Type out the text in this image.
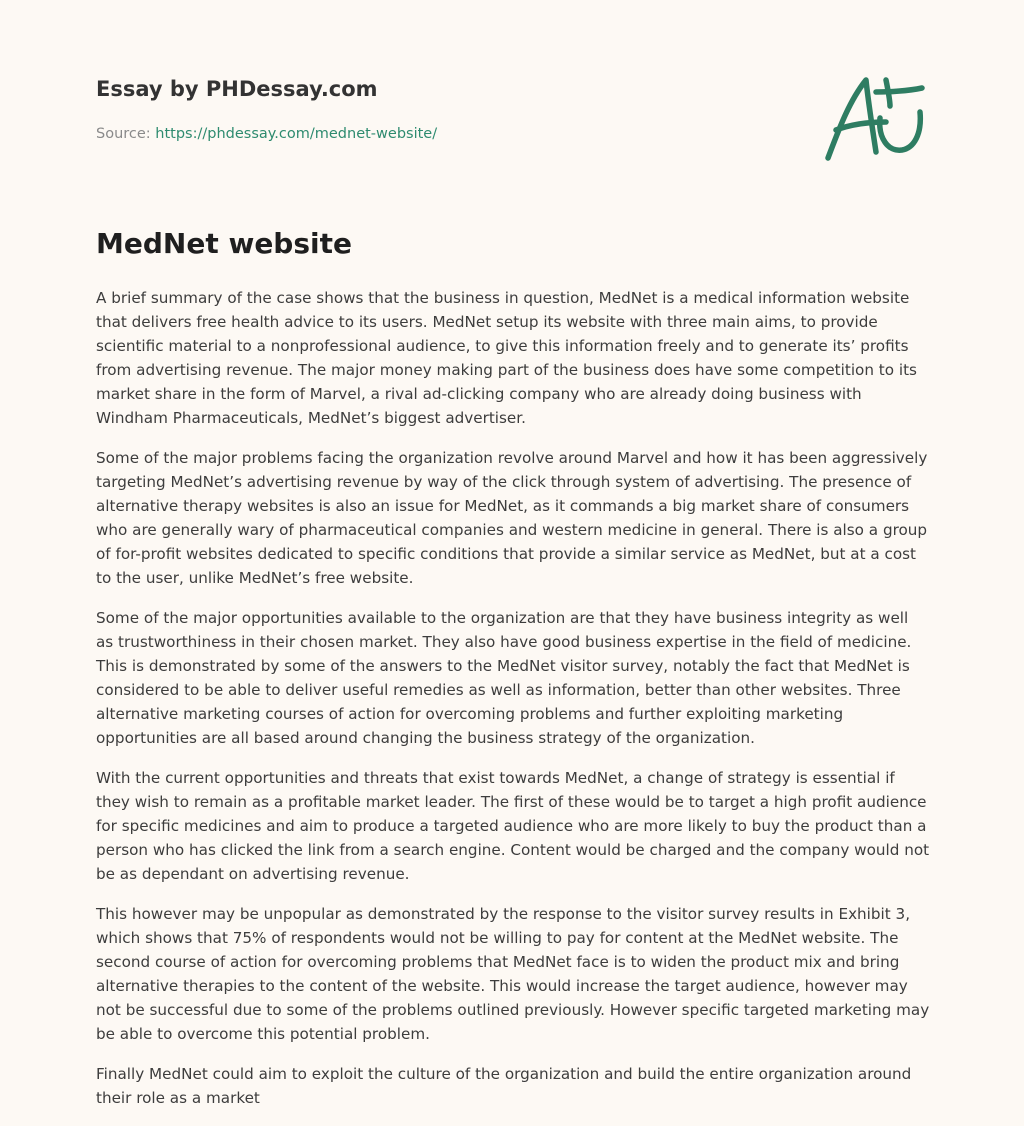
Essay by PHDessay.com
Source: https://phdessay.com/mednet-website/
MedNet website

A brief summary of the case shows that the business in question, MedNet is a medical information website that delivers free health advice to its users. MedNet setup its website with three main aims, to provide scientific material to a nonprofessional audience, to give this information freely and to generate its’ profits from advertising revenue. The major money making part of the business does have some competition to its market share in the form of Marvel, a rival ad-clicking company who are already doing business with Windham Pharmaceuticals, MedNet’s biggest advertiser.

Some of the major problems facing the organization revolve around Marvel and how it has been aggressively targeting MedNet’s advertising revenue by way of the click through system of advertising. The presence of alternative therapy websites is also an issue for MedNet, as it commands a big market share of consumers who are generally wary of pharmaceutical companies and western medicine in general. There is also a group of for-profit websites dedicated to specific conditions that provide a similar service as MedNet, but at a cost to the user, unlike MedNet’s free website.

Some of the major opportunities available to the organization are that they have business integrity as well as trustworthiness in their chosen market. They also have good business expertise in the field of medicine. This is demonstrated by some of the answers to the MedNet visitor survey, notably the fact that MedNet is considered to be able to deliver useful remedies as well as information, better than other websites. Three alternative marketing courses of action for overcoming problems and further exploiting marketing opportunities are all based around changing the business strategy of the organization.

With the current opportunities and threats that exist towards MedNet, a change of strategy is essential if they wish to remain as a profitable market leader. The first of these would be to target a high profit audience for specific medicines and aim to produce a targeted audience who are more likely to buy the product than a person who has clicked the link from a search engine. Content would be charged and the company would not be as dependant on advertising revenue.

This however may be unpopular as demonstrated by the response to the visitor survey results in Exhibit 3, which shows that 75% of respondents would not be willing to pay for content at the MedNet website. The second course of action for overcoming problems that MedNet face is to widen the product mix and bring alternative therapies to the content of the website. This would increase the target audience, however may not be successful due to some of the problems outlined previously. However specific targeted marketing may be able to overcome this potential problem.

Finally MedNet could aim to exploit the culture of the organization and build the entire organization around their role as a market
